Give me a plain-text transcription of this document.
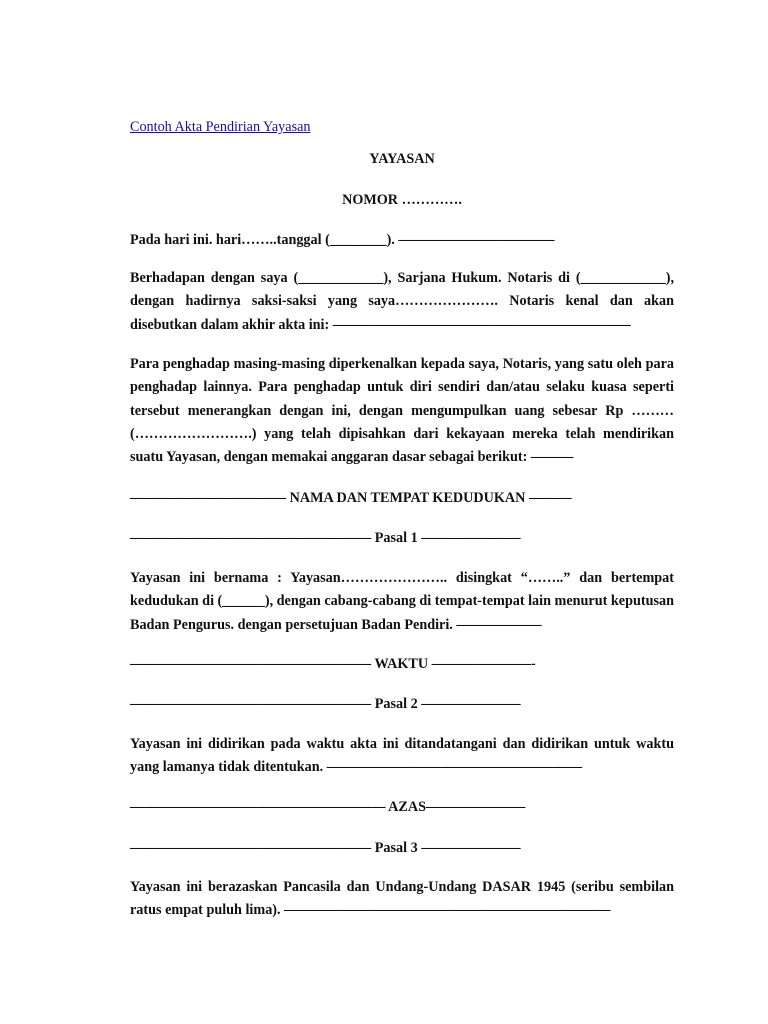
Contoh Akta Pendirian Yayasan
YAYASAN
NOMOR ………….
Pada hari ini. hari……..tanggal (________). ———————————
Berhadapan dengan saya (____________), Sarjana Hukum. Notaris di (____________), dengan hadirnya saksi-saksi yang saya…………………. Notaris kenal dan akan disebutkan dalam akhir akta ini: —————————————————————
Para penghadap masing-masing diperkenalkan kepada saya, Notaris, yang satu oleh para penghadap lainnya. Para penghadap untuk diri sendiri dan/atau selaku kuasa seperti tersebut menerangkan dengan ini, dengan mengumpulkan uang sebesar Rp ……… (…………………….) yang telah dipisahkan dari kekayaan mereka telah mendirikan suatu Yayasan, dengan memakai anggaran dasar sebagai berikut: ———
——————————— NAMA DAN TEMPAT KEDUDUKAN ———
————————————————— Pasal 1 ———————
Yayasan ini bernama : Yayasan………………….. disingkat “……..” dan bertempat kedudukan di (______), dengan cabang-cabang di tempat-tempat lain menurut keputusan Badan Pengurus. dengan persetujuan Badan Pendiri. ——————
————————————————— WAKTU ———————-
————————————————— Pasal 2 ———————
Yayasan ini didirikan pada waktu akta ini ditandatangani dan didirikan untuk waktu yang lamanya tidak ditentukan. ——————————————————
—————————————————— AZAS———————
————————————————— Pasal 3 ———————
Yayasan ini berazaskan Pancasila dan Undang-Undang DASAR 1945 (seribu sembilan ratus empat puluh lima). ———————————————————————
